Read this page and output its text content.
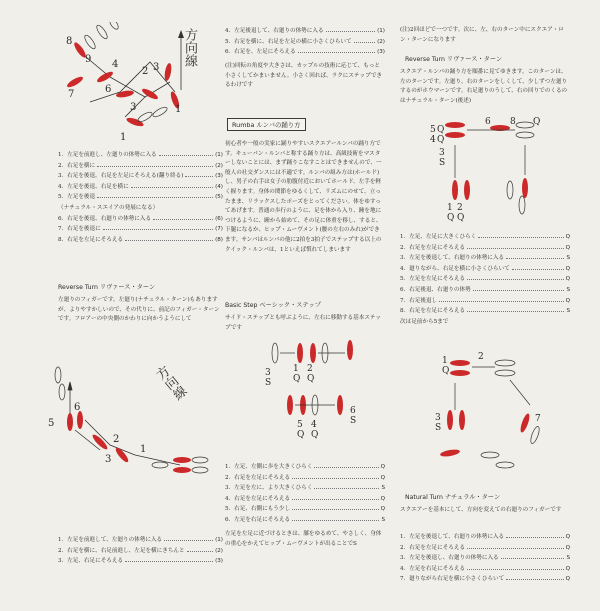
8
9 4
6
2 3
1
3
7
1
方向線
1．左足を前進し、左廻りの体勢に入る	(1)
2．右足を横に	(2)
3．右足を後退。右足を左足にそろえる(翻り終る)	(3)
4．左足を後退、右足を横に	(4)
5．左足を後退	(5)
（ナチュラル・スエイアの発展になる）
6．右足を後退、右廻りの体勢に入る	(6)
7．右足を後退に	(7)
8．右足を左足にそろえる	(8)
Reverse Turn リヴァース・ターン

左廻りのフィガーです。左廻り(ナチュラル・ターン)もありますが、よりやすかしいので、その代りに、前記のフィガー・ターンです。フロアーの中央側のかわりに向かうようにして

5
6
2
3
1
方向線
1．左足を前進して、左廻りの体勢に入る	(1)
2．右足を横に、右足前進し、左足を横にきちんと	(2)
3．左足、右足にそろえる	(3)
4．左足後退して、右廻りの体勢に入る	(1)
5．右足を横に、右足を左足の横に小さくひらいて	(2)
6．右足を、左足にそろえる	(3)

(注)回転の角度や大きさは、カップルの技術に応じて、もっと小さくしてかまいません。小さく回れば、ラクにステップできるわけです

Rumba ルンバの踊り方

初心者や一般の実家に踊りやすいスクエアールンバの踊り方です。キューバン・ルンバと称する踊り方は、高級技術をマスターしないことには、まず踊りこなすことはできませんので、一般人の社交ダンスには不適です。ルンバの組み方は(ホールド)し、男子の右手は女子の肋腹付近においてホールド、左手を軽く握ります。身体の関節をゆるくして、リズムにのせて、立ったまま、リラックスしたポーズをとってください。体をゆすってあげます。普通の歩行のように、足を体から入り、踵を地につけるように、踵から始めて、その足に体重を移し、すると、下腿になるか、ヒップ・ムーヴメント(腰の左右のみれ)ができます。サンバはルンバの他に2拍を3拍子でステップする以上のクイック・ルンバは、1といえば慣れてしまいます

Basic Step ベーシック・ステップ

サイド・ステップとも呼ぶように、左右に移動する基本ステップです

3
S
1
Q
2
Q
5
Q
4
Q
6
S
1．左足、左側に歩を大きくひらく	Q
2．右足を左足にそろえる	Q
3．左足を左に、より大きくひらく	S
4．右足を左足にそろえる	Q
5．右足、右側にもう少し	Q
6．左足を右足にそろえる	S

左足を左足に近づけるときは、膝をゆるめて、やさしく、身体の重心をかえてヒップ・ムーヴメントが出ることでS

(注)2回ほどで一つです。次に、左、右のターン中にスクエア・ロン・ターンになります

Reverse Turn リヴァース・ターン

スクエア・ルンバの踊り方を順番に見てゆきます。このターンは、左のターンです。左廻り、右のターンをしくして、少しずつ左廻りするのがホウマーンです。右足廻りのうして、右の回りでのくるのはナチュラル・ターン(後述)

5
4
Q
Q
6 8 Q
S
3
1 2
Q Q
1．左足、左足に大きくひらく	Q
2．右足を左足にそろえる	Q
3．左足を後退して、右廻りの体勢に入る	S
4．廻りながら、右足を横に小さくひらいて	Q
5．左足を左足にそろえる	Q
6．右足後退、右廻りの体勢	S
7．右足後退し	Q
8．右足を左足にそろえる	S
次は足前から5まで
1
Q
2
3
S
7
Natural Turn ナチュラル・ターン

スクエアーを基本にして、方向を変えての右廻りのフィガーです

1．左足を後退して、右廻りの体勢に入る	Q
2．右足を左足にそろえる	Q
3．左足を後退し、右廻りの体勢に入る	S
4．左足を右足にそろえる	Q
7．廻りながら右足を横に小さくひらいて	Q
